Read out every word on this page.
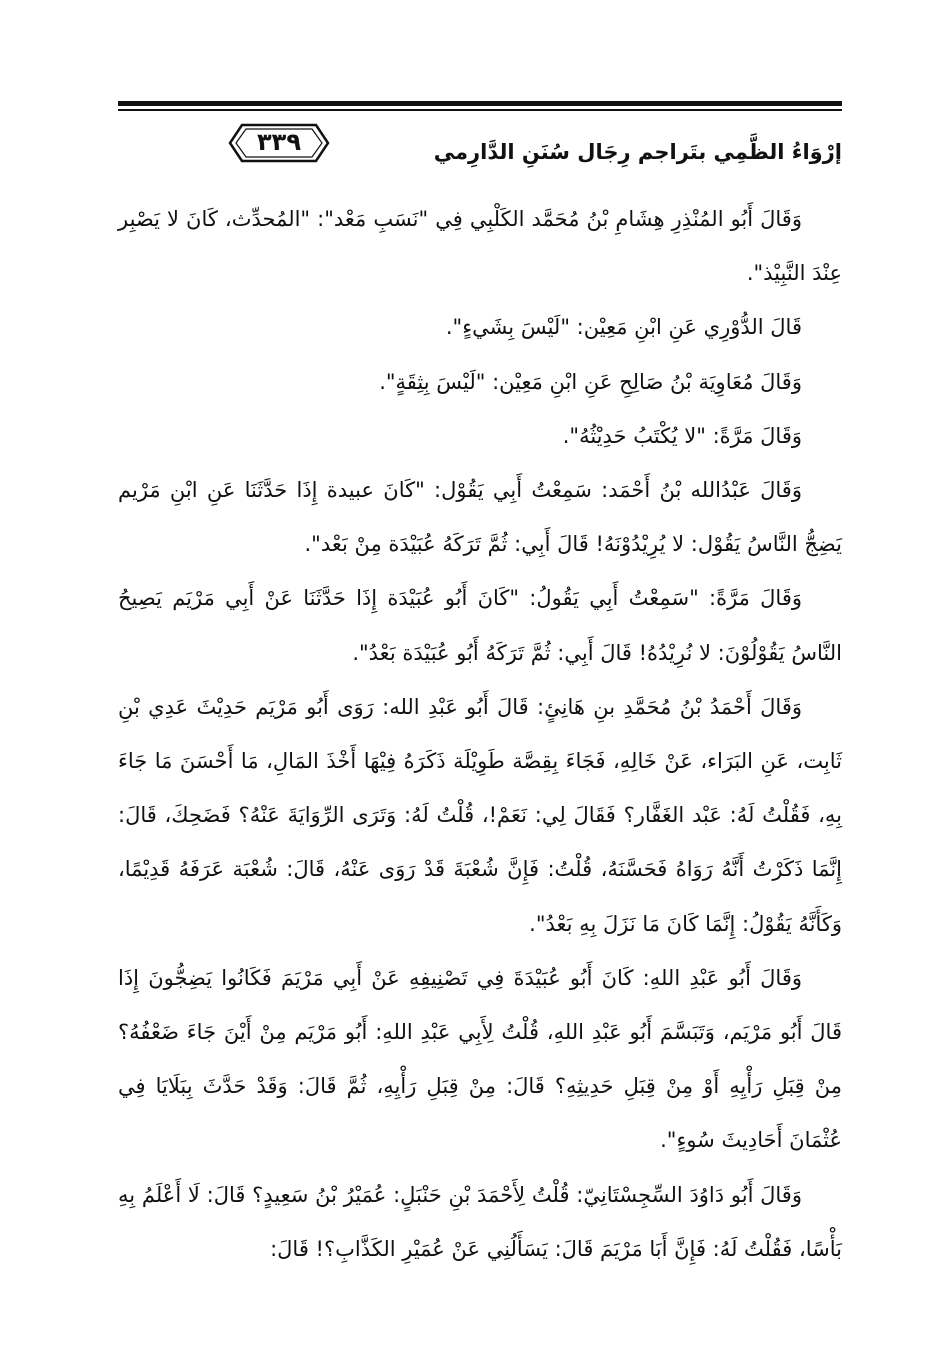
إرْوَاءُ الظَّمِي بتَراجم رِجَال سُنَنِ الدَّارِمي
٣٣٩

وَقَالَ أَبُو المُنْذِرِ هِشَامِ بْنُ مُحَمَّد الكَلْبِي فِي "نَسَبِ مَعْد": "المُحدِّث، كَانَ لا يَصْبِر عِنْدَ النَّبِيْذ".

قَالَ الدُّوْرِي عَنِ ابْنِ مَعِيْن: "لَيْسَ بِشَيءٍ".

وَقَالَ مُعَاوِيَة بْنُ صَالِحِ عَنِ ابْنِ مَعِيْن: "لَيْسَ بِثِقَةٍ".

وَقَالَ مَرَّةً: "لا يُكْتَبُ حَدِيْثُهُ".

وَقَالَ عَبْدُالله بْنُ أَحْمَد: سَمِعْتُ أَبِي يَقُوْل: "كَانَ عبيدة إِذَا حَدَّثَنَا عَنِ ابْنِ مَرْيم يَضِجُّ النَّاسُ يَقُوْل: لا يُرِيْدُوْنَهُ! قَالَ أَبِي: ثُمَّ تَرَكَهُ عُبَيْدَة مِنْ بَعْد".

وَقَالَ مَرَّةً: "سَمِعْتُ أَبِي يَقُولُ: "كَانَ أَبُو عُبَيْدَة إِذَا حَدَّثَنَا عَنْ أَبِي مَرْيَم يَصِيحُ النَّاسُ يَقُوْلُوْنَ: لا نُرِيْدُهُ! قَالَ أَبِي: ثُمَّ تَرَكَهُ أَبُو عُبَيْدَة بَعْدُ".

وَقَالَ أَحْمَدُ بْنُ مُحَمَّدِ بنِ هَانِئٍ: قَالَ أَبُو عَبْدِ الله: رَوَى أَبُو مَرْيَم حَدِيْثَ عَدِي بْنِ ثَابِت، عَنِ البَرَاء، عَنْ خَالِهِ، فَجَاءَ بِقِصَّة طَوِيْلَة ذَكَرَهُ فِيْهَا أَخْذَ المَالِ، مَا أَحْسَنَ مَا جَاءَ بِهِ، فَقُلْتُ لَهُ: عَبْد الغَفَّار؟ فَقَالَ لِي: نَعَمْ!، قُلْتُ لَهُ: وَتَرَى الرِّوَايَةَ عَنْهُ؟ فَضَحِكَ، قَالَ: إِنَّمَا ذَكَرْتُ أَنَّهُ رَوَاهُ فَحَسَّنَهُ، قُلْتُ: فَإِنَّ شُعْبَةَ قَدْ رَوَى عَنْهُ، قَالَ: شُعْبَة عَرَفَهُ قَدِيْمًا، وَكَأَنَّهُ يَقُوْلُ: إِنَّمَا كَانَ مَا نَزَلَ بِهِ بَعْدُ".

وَقَالَ أَبُو عَبْدِ اللهِ: كَانَ أَبُو عُبَيْدَةَ فِي تَصْنِيفِهِ عَنْ أَبِي مَرْيَمَ فَكَانُوا يَضِجُّونَ إِذَا قَالَ أَبُو مَرْيَم، وَتَبَسَّمَ أَبُو عَبْدِ اللهِ، قُلْتُ لِأَبِي عَبْدِ اللهِ: أَبُو مَرْيَم مِنْ أَيْنَ جَاءَ ضَعْفُهُ؟ مِنْ قِبَلِ رَأْيِهِ أَوْ مِنْ قِبَلِ حَدِيثِهِ؟ قَالَ: مِنْ قِبَلِ رَأْيِهِ، ثُمَّ قَالَ: وَقَدْ حَدَّثَ بِبَلَايَا فِي عُثْمَانَ أَحَادِيثَ سُوءٍ".

وَقَالَ أَبُو دَاوُدَ السِّجِسْتَانِيّ: قُلْتُ لِأَحْمَدَ بْنِ حَنْبَلٍ: عُمَيْرُ بْنُ سَعِيدٍ؟ قَالَ: لَا أَعْلَمُ بِهِ بَأْسًا، فَقُلْتُ لَهُ: فَإِنَّ أَبَا مَرْيَمَ قَالَ: يَسَأَلُنِي عَنْ عُمَيْرِ الكَذَّابِ؟! قَالَ:
